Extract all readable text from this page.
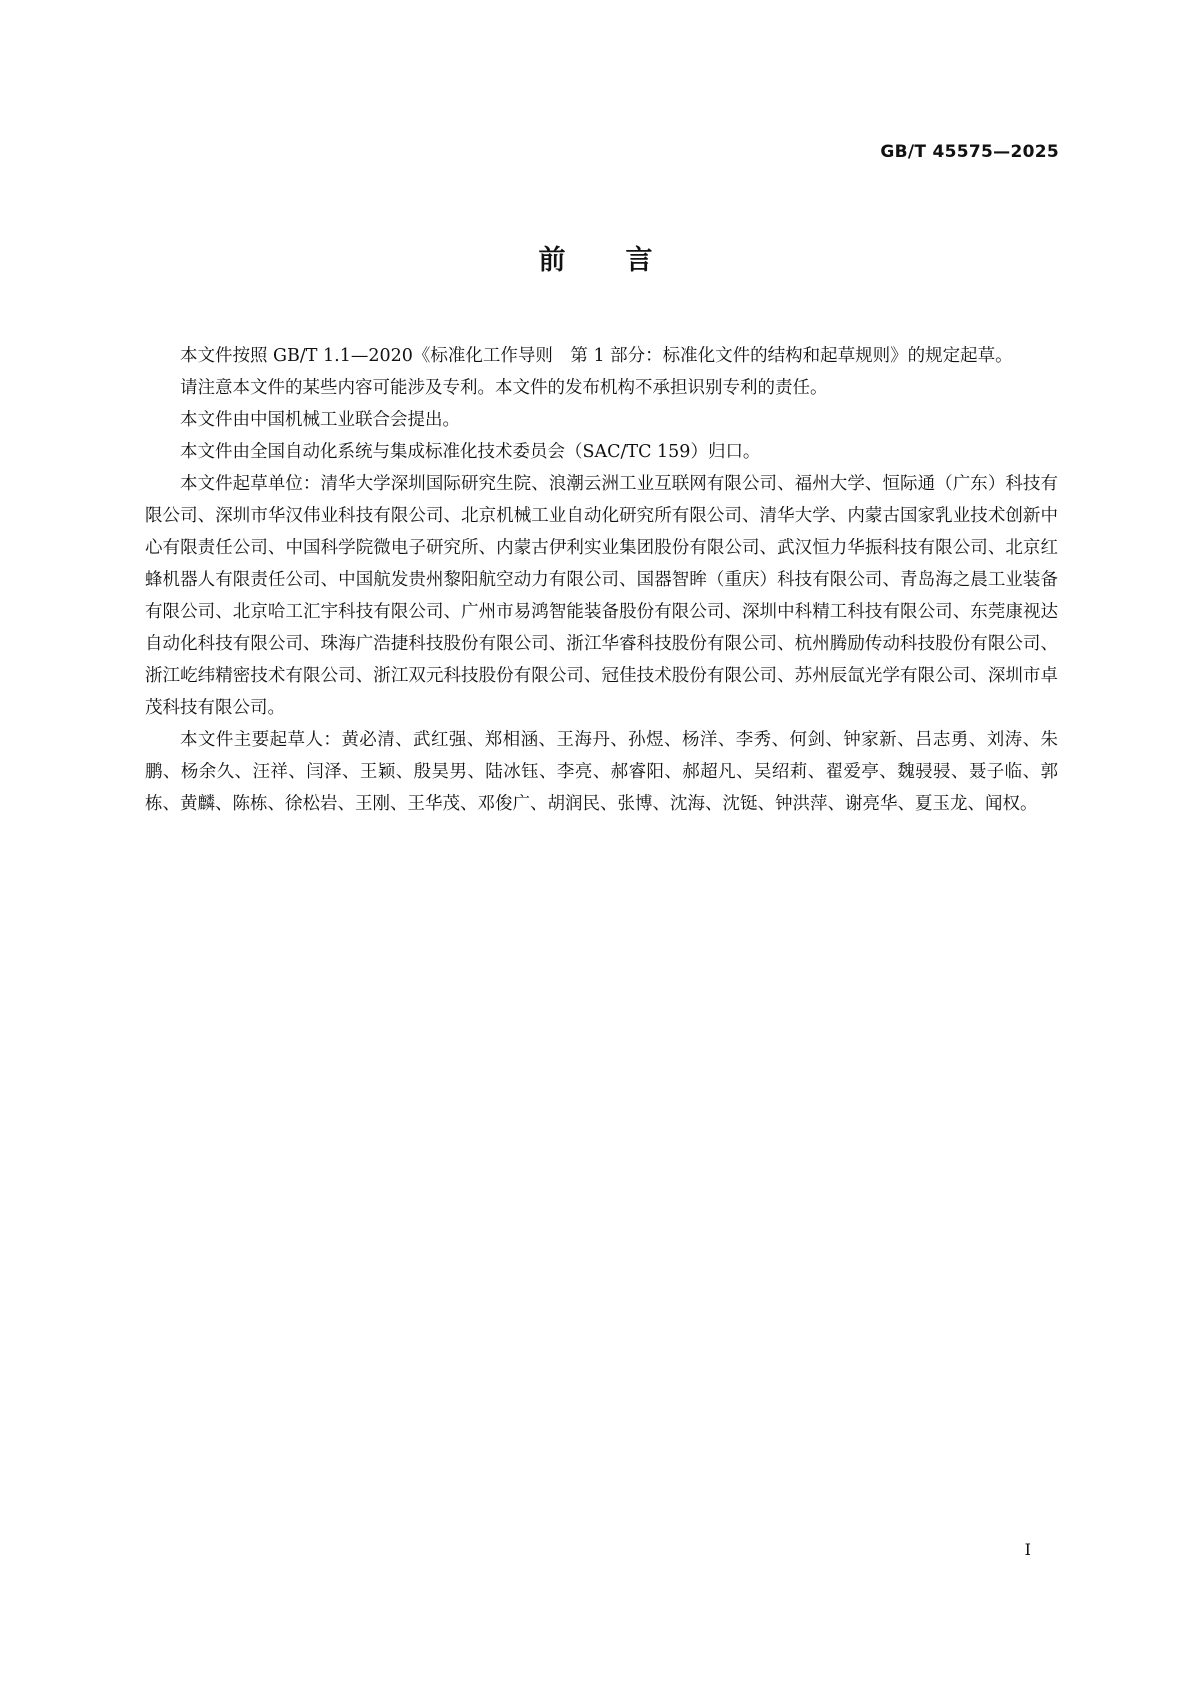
GB/T 45575—2025
前言

本文件按照 GB/T 1.1—2020《标准化工作导则　第 1 部分：标准化文件的结构和起草规则》的规定起草。

请注意本文件的某些内容可能涉及专利。本文件的发布机构不承担识别专利的责任。

本文件由中国机械工业联合会提出。

本文件由全国自动化系统与集成标准化技术委员会（SAC/TC 159）归口。

本文件起草单位：清华大学深圳国际研究生院、浪潮云洲工业互联网有限公司、福州大学、恒际通（广东）科技有限公司、深圳市华汉伟业科技有限公司、北京机械工业自动化研究所有限公司、清华大学、内蒙古国家乳业技术创新中心有限责任公司、中国科学院微电子研究所、内蒙古伊利实业集团股份有限公司、武汉恒力华振科技有限公司、北京红蜂机器人有限责任公司、中国航发贵州黎阳航空动力有限公司、国器智眸（重庆）科技有限公司、青岛海之晨工业装备有限公司、北京哈工汇宇科技有限公司、广州市易鸿智能装备股份有限公司、深圳中科精工科技有限公司、东莞康视达自动化科技有限公司、珠海广浩捷科技股份有限公司、浙江华睿科技股份有限公司、杭州腾励传动科技股份有限公司、浙江屹纬精密技术有限公司、浙江双元科技股份有限公司、冠佳技术股份有限公司、苏州辰氙光学有限公司、深圳市卓茂科技有限公司。

本文件主要起草人：黄必清、武红强、郑相涵、王海丹、孙煜、杨洋、李秀、何剑、钟家新、吕志勇、刘涛、朱鹏、杨余久、汪祥、闫泽、王颖、殷昊男、陆冰钰、李亮、郝睿阳、郝超凡、吴绍莉、翟爱亭、魏骎骎、聂子临、郭栋、黄麟、陈栋、徐松岩、王刚、王华茂、邓俊广、胡润民、张博、沈海、沈铤、钟洪萍、谢亮华、夏玉龙、闻权。

I
